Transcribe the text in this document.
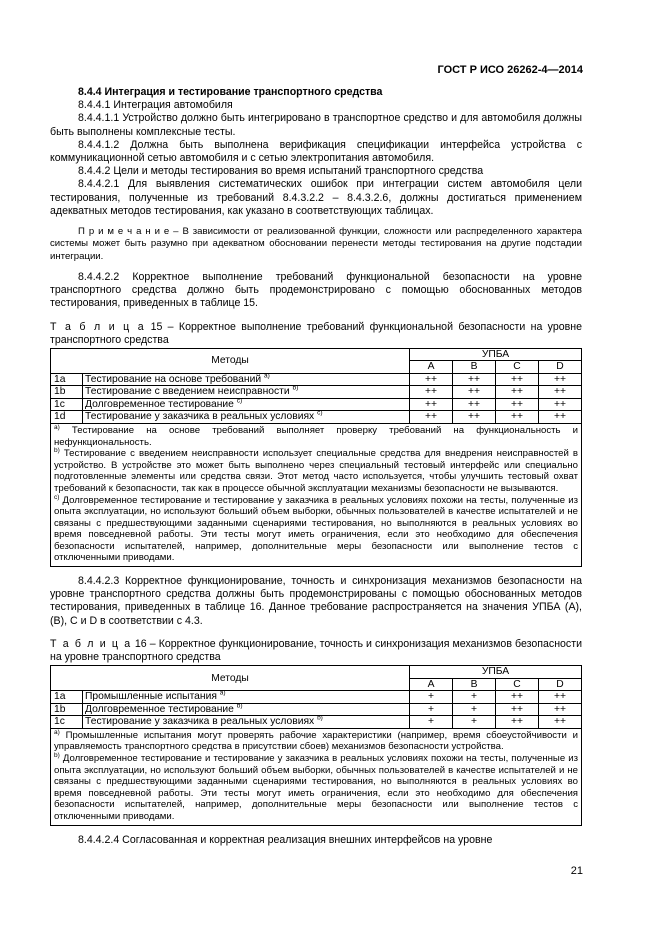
ГОСТ Р ИСО 26262-4—2014

8.4.4 Интеграция и тестирование транспортного средства

8.4.4.1 Интеграция автомобиля

8.4.4.1.1 Устройство должно быть интегрировано в транспортное средство и для автомобиля должны быть выполнены комплексные тесты.

8.4.4.1.2 Должна быть выполнена верификация спецификации интерфейса устройства с коммуникационной сетью автомобиля и с сетью электропитания автомобиля.

8.4.4.2 Цели и методы тестирования во время испытаний транспортного средства

8.4.4.2.1 Для выявления систематических ошибок при интеграции систем автомобиля цели тестирования, полученные из требований 8.4.3.2.2 – 8.4.3.2.6, должны достигаться применением адекватных методов тестирования, как указано в соответствующих таблицах.

П р и м е ч а н и е – В зависимости от реализованной функции, сложности или распределенного характера системы может быть разумно при адекватном обосновании перенести методы тестирования на другие подстадии интеграции.

8.4.4.2.2 Корректное выполнение требований функциональной безопасности на уровне транспортного средства должно быть продемонстрировано с помощью обоснованных методов тестирования, приведенных в таблице 15.

Т а б л и ц а 15 – Корректное выполнение требований функциональной безопасности на уровне транспортного средства

Методы		УПБА			
		A	B	C	D
1a	Тестирование на основе требований $^{a)}$	++	++	++	++
1b	Тестирование с введением неисправности $^{b)}$	++	++	++	++
1c	Долговременное тестирование $^{c)}$	++	++	++	++
1d	Тестирование у заказчика в реальных условиях $^{c)}$	++	++	++	++

$^{a)}$ Тестирование на основе требований выполняет проверку требований на функциональность и нефункциональность.
$^{b)}$ Тестирование с введением неисправности использует специальные средства для внедрения неисправностей в устройство. В устройстве это может быть выполнено через специальный тестовый интерфейс или специально подготовленные элементы или средства связи. Этот метод часто используется, чтобы улучшить тестовый охват требований к безопасности, так как в процессе обычной эксплуатации механизмы безопасности не вызываются.
$^{c)}$ Долговременное тестирование и тестирование у заказчика в реальных условиях похожи на тесты, полученные из опыта эксплуатации, но используют больший объем выборки, обычных пользователей в качестве испытателей и не связаны с предшествующими заданными сценариями тестирования, но выполняются в реальных условиях во время повседневной работы. Эти тесты могут иметь ограничения, если это необходимо для обеспечения безопасности испытателей, например, дополнительные меры безопасности или выполнение тестов с отключенными приводами.					

8.4.4.2.3 Корректное функционирование, точность и синхронизация механизмов безопасности на уровне транспортного средства должны быть продемонстрированы с помощью обоснованных методов тестирования, приведенных в таблице 16. Данное требование распространяется на значения УПБА (A), (B), C и D в соответствии с 4.3.

Т а б л и ц а 16 – Корректное функционирование, точность и синхронизация механизмов безопасности на уровне транспортного средства

Методы		УПБА			
		A	B	C	D
1a	Промышленные испытания $^{a)}$	+	+	++	++
1b	Долговременное тестирование $^{b)}$	+	+	++	++
1c	Тестирование у заказчика в реальных условиях $^{b)}$	+	+	++	++

$^{a)}$ Промышленные испытания могут проверять рабочие характеристики (например, время сбоеустойчивости и управляемость транспортного средства в присутствии сбоев) механизмов безопасности устройства.
$^{b)}$ Долговременное тестирование и тестирование у заказчика в реальных условиях похожи на тесты, полученные из опыта эксплуатации, но используют больший объем выборки, обычных пользователей в качестве испытателей и не связаны с предшествующими заданными сценариями тестирования, но выполняются в реальных условиях во время повседневной работы. Эти тесты могут иметь ограничения, если это необходимо для обеспечения безопасности испытателей, например, дополнительные меры безопасности или выполнение тестов с отключенными приводами.					

8.4.4.2.4 Согласованная и корректная реализация внешних интерфейсов на уровне

21
